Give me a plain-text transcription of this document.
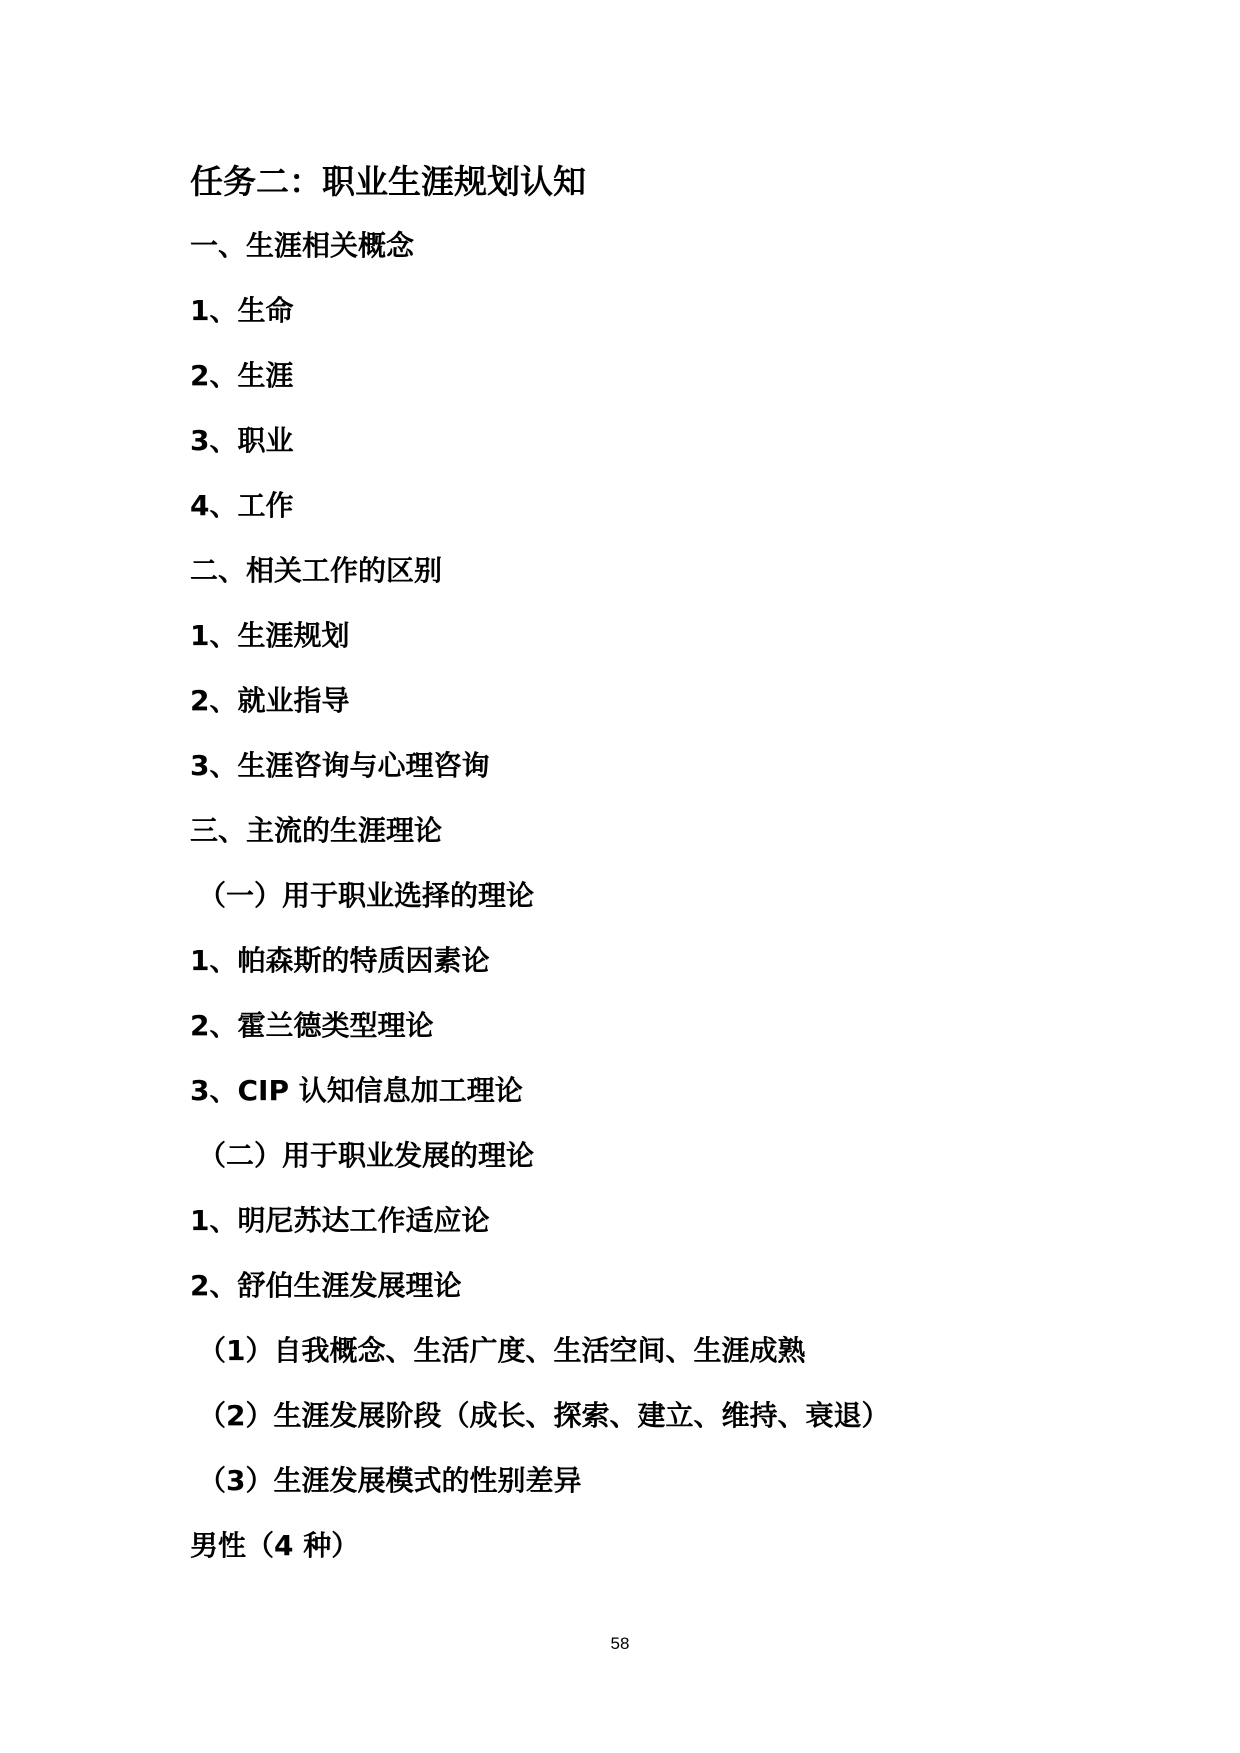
任务二：职业生涯规划认知
一、生涯相关概念
1、生命
2、生涯
3、职业
4、工作
二、相关工作的区别
1、生涯规划
2、就业指导
3、生涯咨询与心理咨询
三、主流的生涯理论
（一）用于职业选择的理论
1、帕森斯的特质因素论
2、霍兰德类型理论
3、CIP 认知信息加工理论
（二）用于职业发展的理论
1、明尼苏达工作适应论
2、舒伯生涯发展理论
（1）自我概念、生活广度、生活空间、生涯成熟
（2）生涯发展阶段（成长、探索、建立、维持、衰退）
（3）生涯发展模式的性别差异
男性（4 种）
58
